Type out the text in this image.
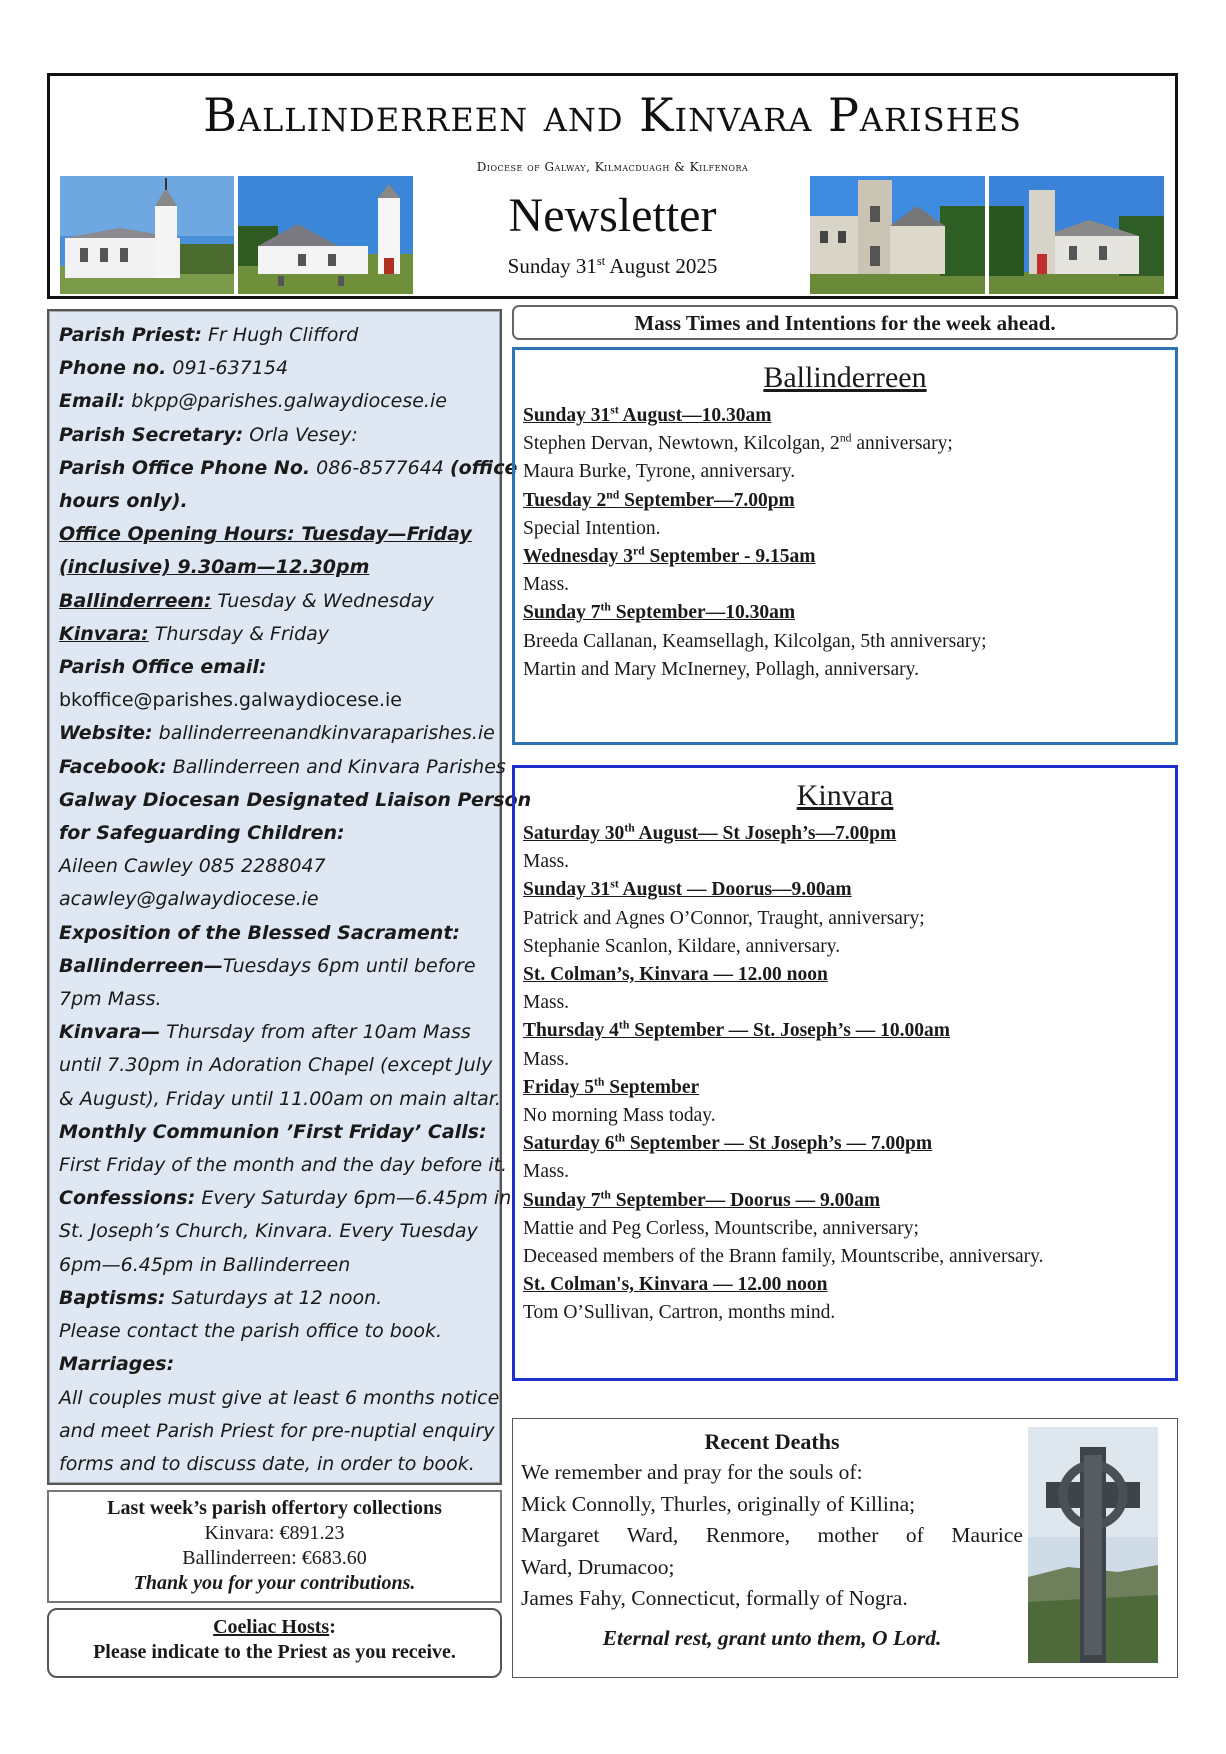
Ballinderreen and Kinvara Parishes
Diocese of Galway, Kilmacduagh & Kilfenora
Newsletter
Sunday 31st August 2025
Parish Priest: Fr Hugh Clifford
Phone no. 091-637154
Email: bkpp@parishes.galwaydiocese.ie
Parish Secretary: Orla Vesey:
Parish Office Phone No. 086-8577644 (office
hours only).
Office Opening Hours: Tuesday—Friday
(inclusive) 9.30am—12.30pm
Ballinderreen: Tuesday & Wednesday
Kinvara: Thursday & Friday
Parish Office email:
bkoffice@parishes.galwaydiocese.ie
Website: ballinderreenandkinvaraparishes.ie
Facebook: Ballinderreen and Kinvara Parishes
Galway Diocesan Designated Liaison Person
for Safeguarding Children:
Aileen Cawley 085 2288047
acawley@galwaydiocese.ie
Exposition of the Blessed Sacrament:
Ballinderreen—Tuesdays 6pm until before
7pm Mass.
Kinvara— Thursday from after 10am Mass
until 7.30pm in Adoration Chapel (except July
& August), Friday until 11.00am on main altar.
Monthly Communion ’First Friday’ Calls:
First Friday of the month and the day before it.
Confessions: Every Saturday 6pm—6.45pm in
St. Joseph’s Church, Kinvara. Every Tuesday
6pm—6.45pm in Ballinderreen
Baptisms: Saturdays at 12 noon.
Please contact the parish office to book.
Marriages:
All couples must give at least 6 months notice
and meet Parish Priest for pre-nuptial enquiry
forms and to discuss date, in order to book.
Last week’s parish offertory collections
Kinvara: €891.23
Ballinderreen: €683.60
Thank you for your contributions.
Coeliac Hosts:
Please indicate to the Priest as you receive.
Mass Times and Intentions for the week ahead.
Ballinderreen
Sunday 31st August—10.30am
Stephen Dervan, Newtown, Kilcolgan, 2nd anniversary;
Maura Burke, Tyrone, anniversary.
Tuesday 2nd September—7.00pm
Special Intention.
Wednesday 3rd September - 9.15am
Mass.
Sunday 7th September—10.30am
Breeda Callanan, Keamsellagh, Kilcolgan, 5th anniversary;
Martin and Mary McInerney, Pollagh, anniversary.
Kinvara
Saturday 30th August— St Joseph’s—7.00pm
Mass.
Sunday 31st August — Doorus—9.00am
Patrick and Agnes O’Connor, Traught, anniversary;
Stephanie Scanlon, Kildare, anniversary.
St. Colman’s, Kinvara — 12.00 noon
Mass.
Thursday 4th September — St. Joseph’s — 10.00am
Mass.
Friday 5th September
No morning Mass today.
Saturday 6th September — St Joseph’s — 7.00pm
Mass.
Sunday 7th September— Doorus — 9.00am
Mattie and Peg Corless, Mountscribe, anniversary;
Deceased members of the Brann family, Mountscribe, anniversary.
St. Colman's, Kinvara — 12.00 noon
Tom O’Sullivan, Cartron, months mind.
Recent Deaths
We remember and pray for the souls of:
Mick Connolly, Thurles, originally of Killina;
Margaret Ward, Renmore, mother of Maurice
Ward, Drumacoo;
James Fahy, Connecticut, formally of Nogra.
Eternal rest, grant unto them, O Lord.
